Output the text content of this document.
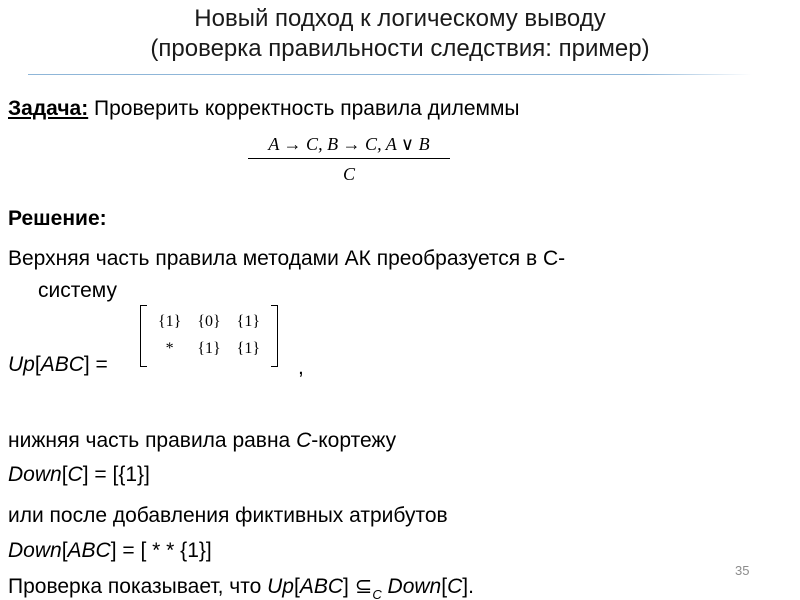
Новый подход к логическому выводу
(проверка правильности следствия: пример)
Задача: Проверить корректность правила дилеммы
A → C, B → C, A ∨ B
C
Решение:
Верхняя часть правила методами АК преобразуется в С-
систему
Up[ABC] =
{1}	{0}	{1}
*	{1}	{1}
,
нижняя часть правила равна С-кортежу
Down[C] = [{1}]
или после добавления фиктивных атрибутов
Down[ABC] = [ * * {1}]
Проверка показывает, что Up[ABC] $⊆_C$ Down[C].
35
